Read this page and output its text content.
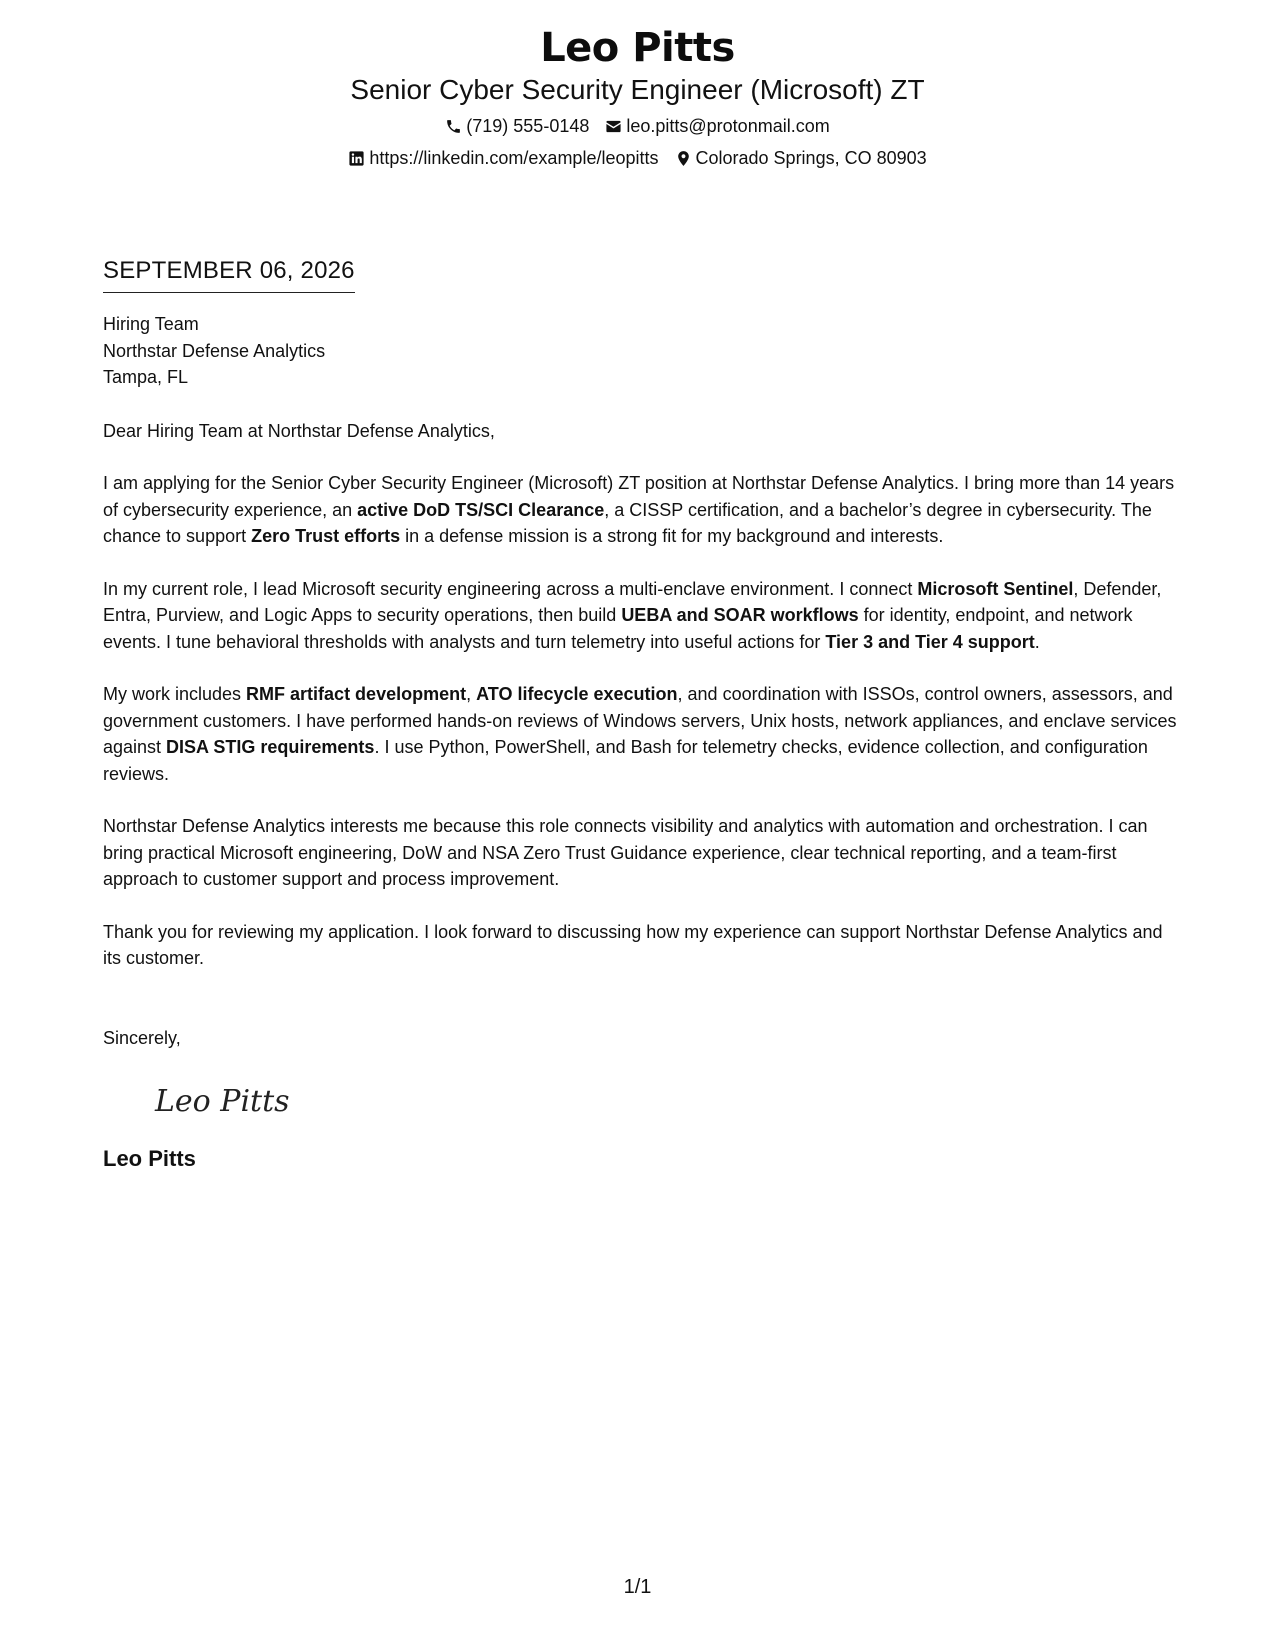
Leo Pitts
Senior Cyber Security Engineer (Microsoft) ZT
(719) 555-0148 leo.pitts@protonmail.com
https://linkedin.com/example/leopitts Colorado Springs, CO 80903
SEPTEMBER 06, 2026
Hiring Team
Northstar Defense Analytics
Tampa, FL
Dear Hiring Team at Northstar Defense Analytics,

I am applying for the Senior Cyber Security Engineer (Microsoft) ZT position at Northstar Defense Analytics. I bring more than 14 years of cybersecurity experience, an active DoD TS/SCI Clearance, a CISSP certification, and a bachelor’s degree in cybersecurity. The chance to support Zero Trust efforts in a defense mission is a strong fit for my background and interests.

In my current role, I lead Microsoft security engineering across a multi-enclave environment. I connect Microsoft Sentinel, Defender, Entra, Purview, and Logic Apps to security operations, then build UEBA and SOAR workflows for identity, endpoint, and network events. I tune behavioral thresholds with analysts and turn telemetry into useful actions for Tier 3 and Tier 4 support.

My work includes RMF artifact development, ATO lifecycle execution, and coordination with ISSOs, control owners, assessors, and government customers. I have performed hands-on reviews of Windows servers, Unix hosts, network appliances, and enclave services against DISA STIG requirements. I use Python, PowerShell, and Bash for telemetry checks, evidence collection, and configuration reviews.

Northstar Defense Analytics interests me because this role connects visibility and analytics with automation and orchestration. I can bring practical Microsoft engineering, DoW and NSA Zero Trust Guidance experience, clear technical reporting, and a team-first approach to customer support and process improvement.

Thank you for reviewing my application. I look forward to discussing how my experience can support Northstar Defense Analytics and its customer.

Sincerely,
Leo Pitts
Leo Pitts
1/1
